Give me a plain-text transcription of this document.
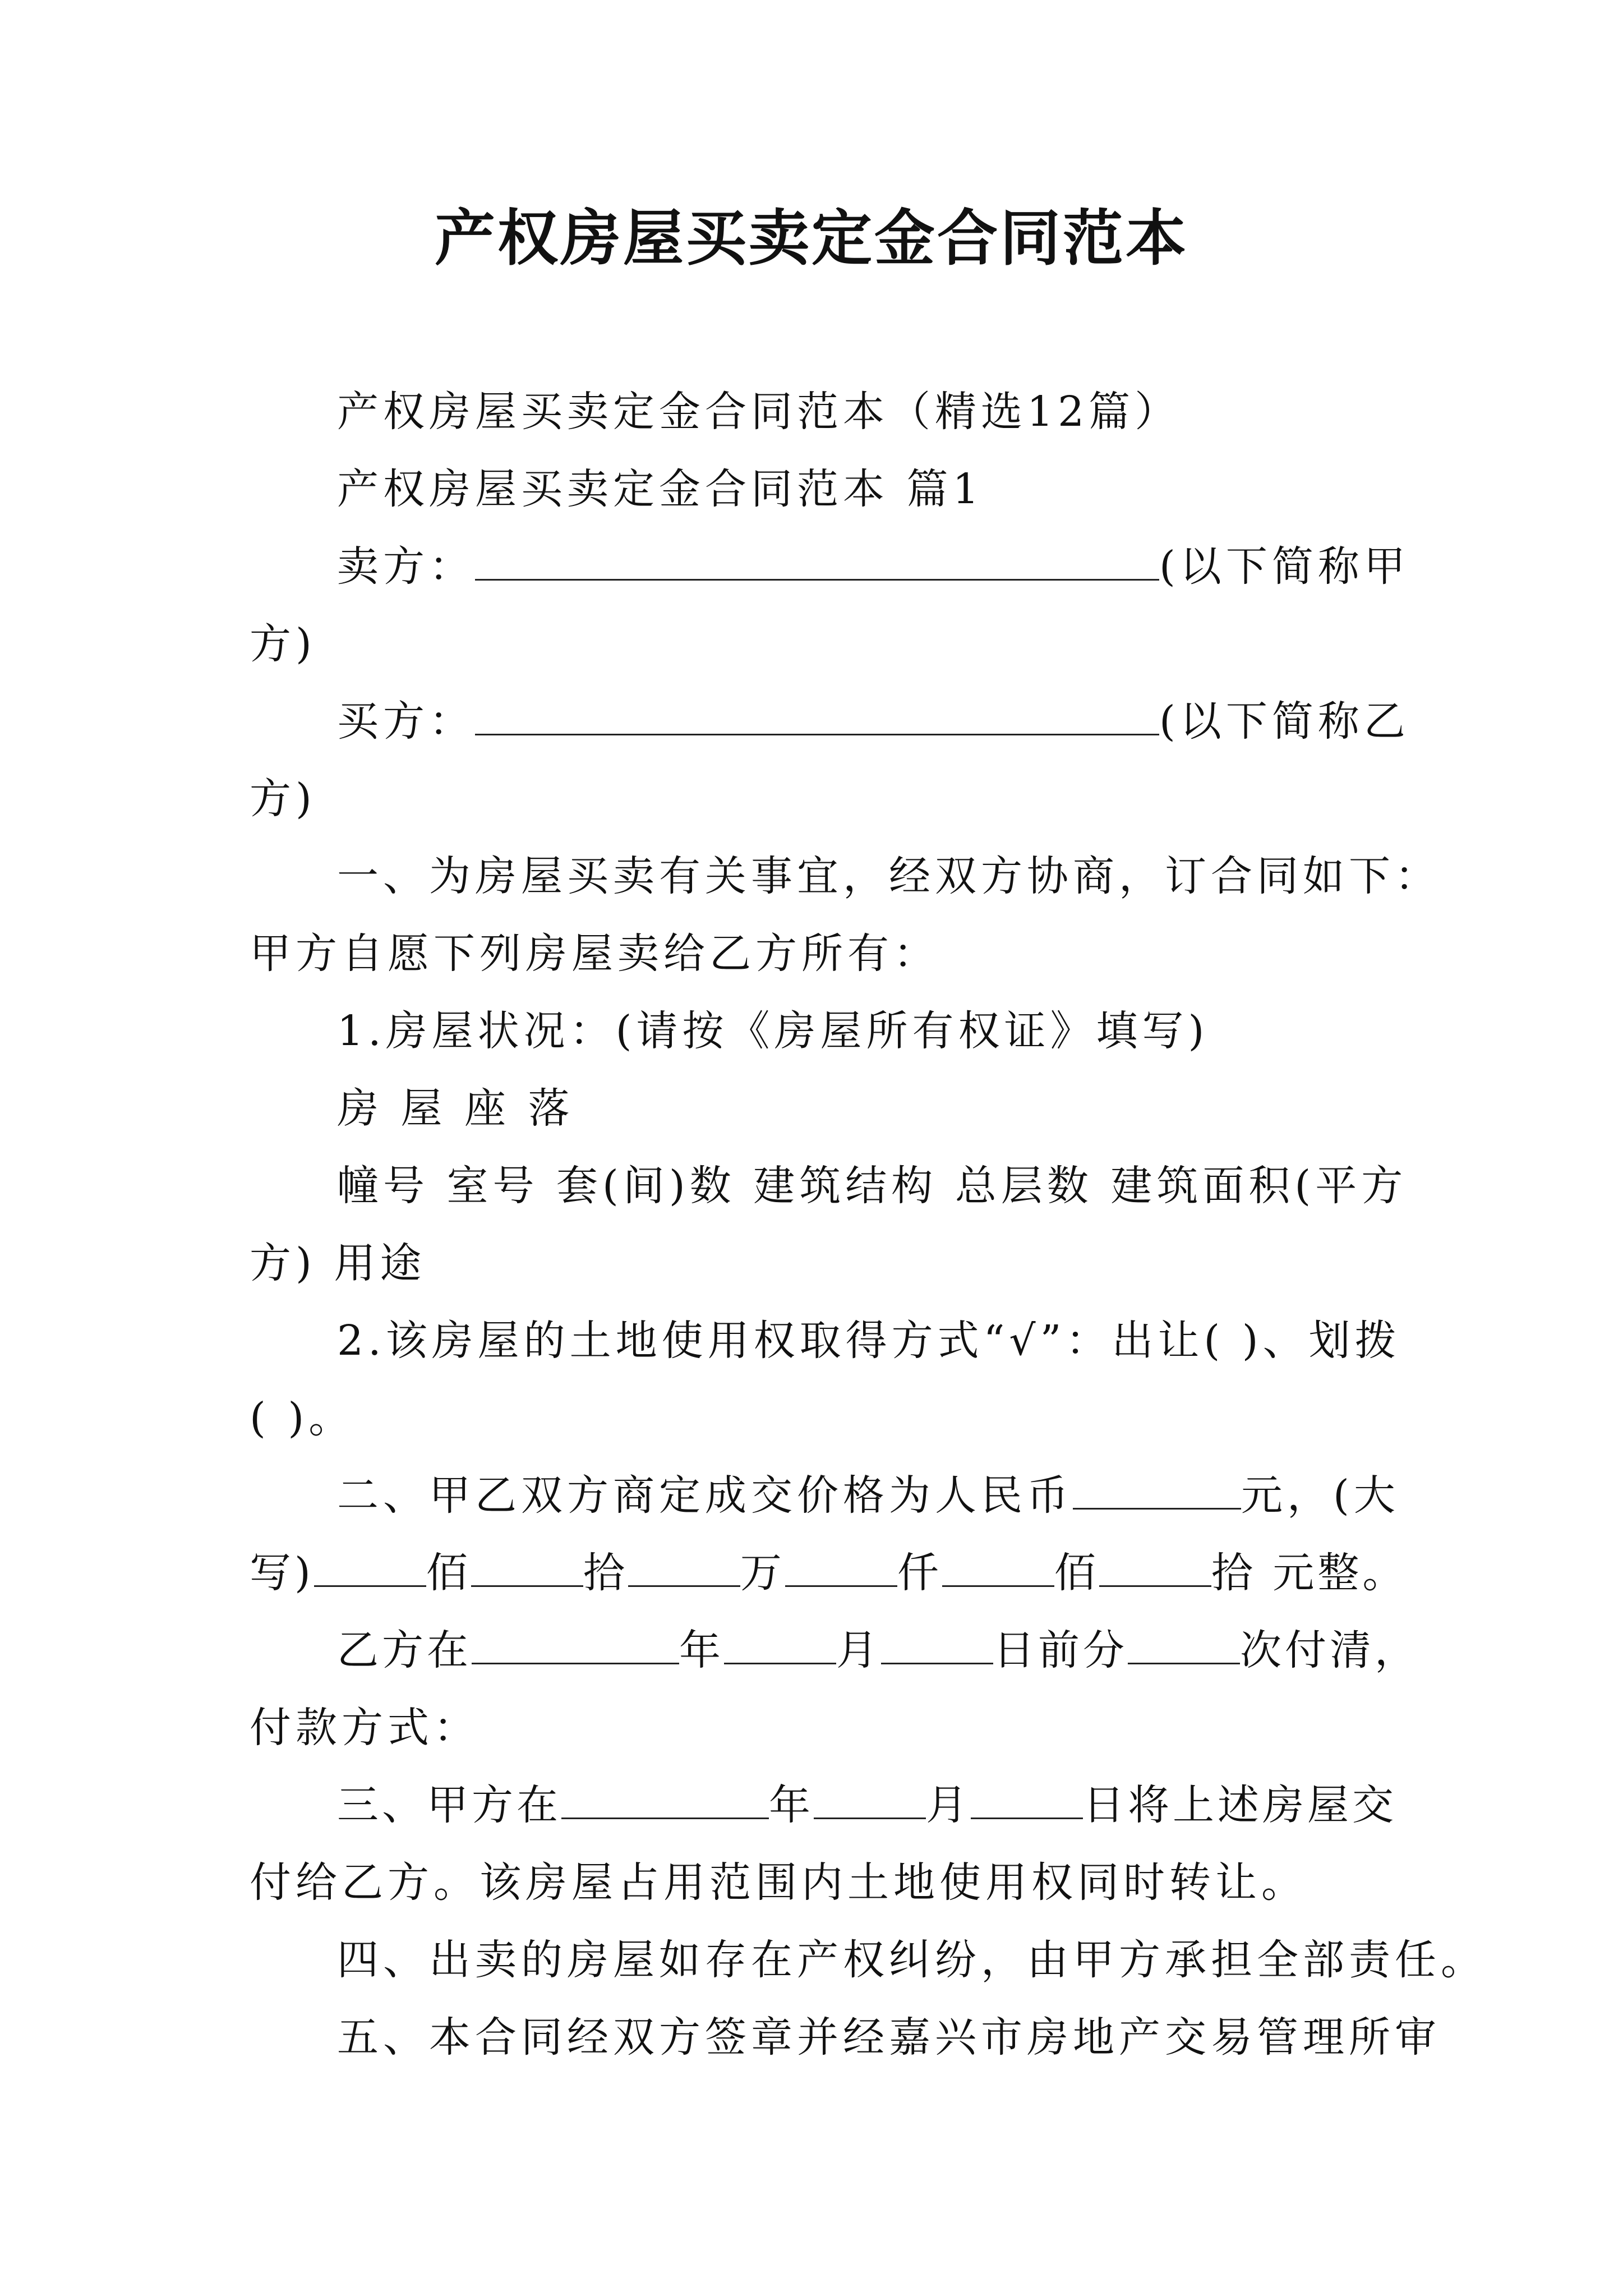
产权房屋买卖定金合同范本
产权房屋买卖定金合同范本（精选12篇）
产权房屋买卖定金合同范本 篇1
卖方：	(以下简称甲
方)
买方：	(以下简称乙
方)
一、为房屋买卖有关事宜，经双方协商，订合同如下：
甲方自愿下列房屋卖给乙方所有：
1.房屋状况：(请按《房屋所有权证》填写)
房 屋 座 落
幢号 室号 套(间)数 建筑结构 总层数 建筑面积(平方
方) 用途
2.该房屋的土地使用权取得方式“√”：出让( )、划拨
( )。
二、甲乙双方商定成交价格为人民币	元，(大
写)	佰	拾	万	仟	佰	拾 元整。
乙方在	年	月	日前分	次付清，
付款方式：
三、甲方在	年	月	日将上述房屋交
付给乙方。该房屋占用范围内土地使用权同时转让。
四、出卖的房屋如存在产权纠纷，由甲方承担全部责任。
五、本合同经双方签章并经嘉兴市房地产交易管理所审
